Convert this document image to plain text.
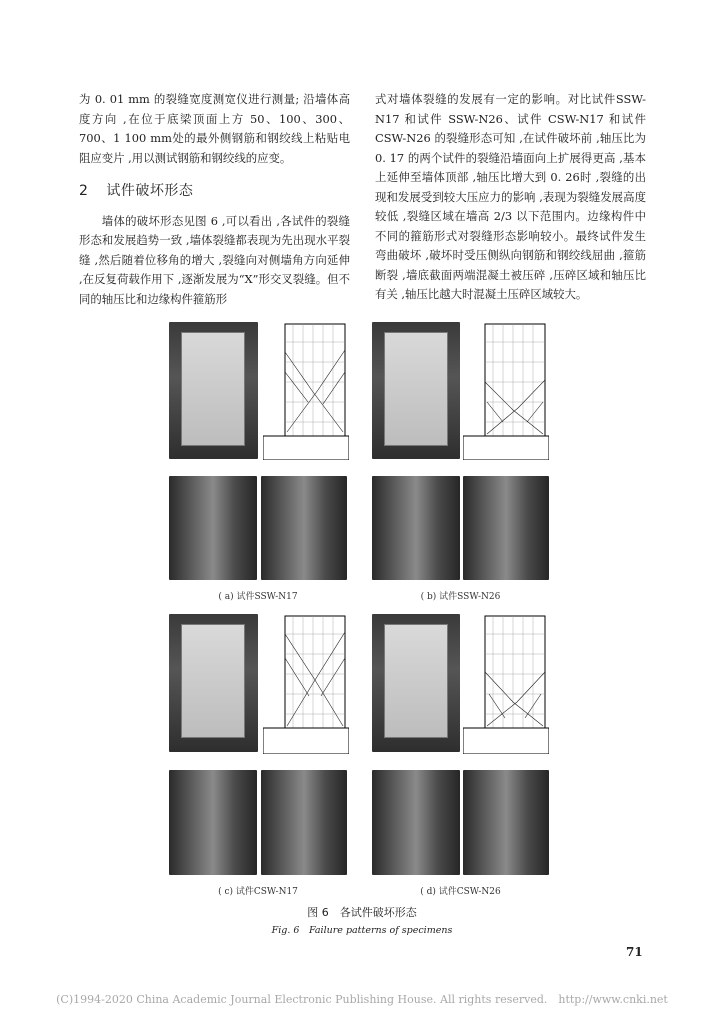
为 0. 01 mm 的裂缝宽度测宽仪进行测量; 沿墙体高度方向 ,在位于底梁顶面上方 50、100、300、700、1 100 mm处的最外侧钢筋和钢绞线上粘贴电阻应变片 ,用以测试钢筋和钢绞线的应变。

2 试件破坏形态

墙体的破坏形态见图 6 ,可以看出 ,各试件的裂缝形态和发展趋势一致 ,墙体裂缝都表现为先出现水平裂缝 ,然后随着位移角的增大 ,裂缝向对侧墙角方向延伸 ,在反复荷载作用下 ,逐渐发展为“X”形交叉裂缝。但不同的轴压比和边缘构件箍筋形

式对墙体裂缝的发展有一定的影响。对比试件SSW-N17 和试件 SSW-N26、试件 CSW-N17 和试件CSW-N26 的裂缝形态可知 ,在试件破坏前 ,轴压比为 0. 17 的两个试件的裂缝沿墙面向上扩展得更高 ,基本上延伸至墙体顶部 ,轴压比增大到 0. 26时 ,裂缝的出现和发展受到较大压应力的影响 ,表现为裂缝发展高度较低 ,裂缝区域在墙高 2/3 以下范围内。边缘构件中不同的箍筋形式对裂缝形态影响较小。最终试件发生弯曲破坏 ,破坏时受压侧纵向钢筋和钢绞线屈曲 ,箍筋断裂 ,墙底截面两端混凝土被压碎 ,压碎区域和轴压比有关 ,轴压比越大时混凝土压碎区域较大。

( a) 试件SSW-N17	( b) 试件SSW-N26
( c) 试件CSW-N17	( d) 试件CSW-N26
图 6　各试件破坏形态
Fig. 6　Failure patterns of specimens
71
(C)1994-2020 China Academic Journal Electronic Publishing House. All rights reserved.　http://www.cnki.net
